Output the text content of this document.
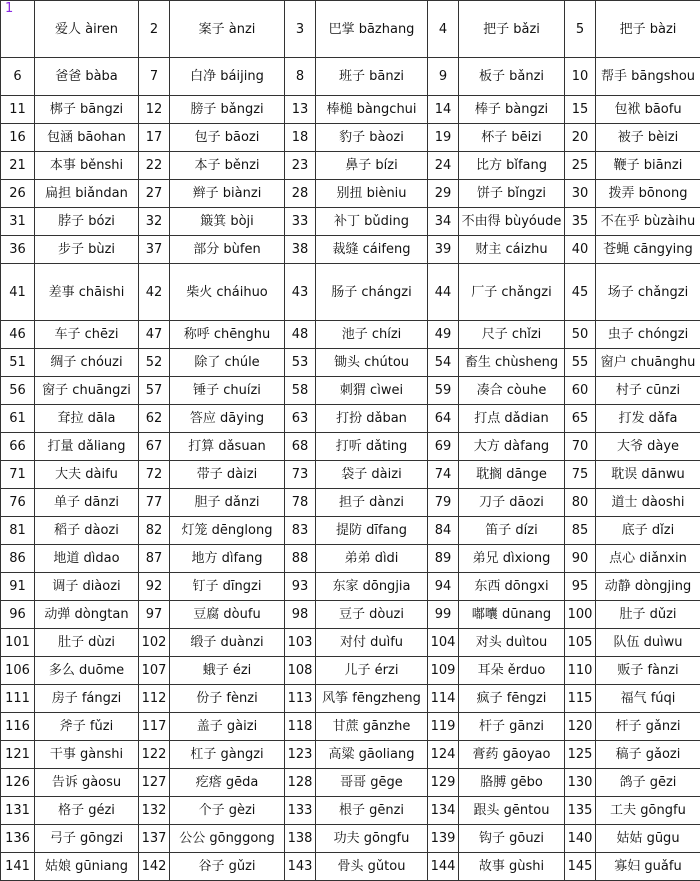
1	爱人 àiren	2	案子 ànzi	3	巴掌 bāzhang	4	把子 bǎzi	5	把子 bàzi
6	爸爸 bàba	7	白净 báijing	8	班子 bānzi	9	板子 bǎnzi	10	帮手 bāngshou
11	梆子 bāngzi	12	膀子 bǎngzi	13	棒槌 bàngchui	14	棒子 bàngzi	15	包袱 bāofu
16	包涵 bāohan	17	包子 bāozi	18	豹子 bàozi	19	杯子 bēizi	20	被子 bèizi
21	本事 běnshi	22	本子 běnzi	23	鼻子 bízi	24	比方 bǐfang	25	鞭子 biānzi
26	扁担 biǎndan	27	辫子 biànzi	28	别扭 bièniu	29	饼子 bǐngzi	30	拨弄 bōnong
31	脖子 bózi	32	簸箕 bòji	33	补丁 bǔding	34	不由得 bùyóude	35	不在乎 bùzàihu
36	步子 bùzi	37	部分 bùfen	38	裁缝 cáifeng	39	财主 cáizhu	40	苍蝇 cāngying
41	差事 chāishi	42	柴火 cháihuo	43	肠子 chángzi	44	厂子 chǎngzi	45	场子 chǎngzi
46	车子 chēzi	47	称呼 chēnghu	48	池子 chízi	49	尺子 chǐzi	50	虫子 chóngzi
51	绸子 chóuzi	52	除了 chúle	53	锄头 chútou	54	畜生 chùsheng	55	窗户 chuānghu
56	窗子 chuāngzi	57	锤子 chuízi	58	刺猬 cìwei	59	凑合 còuhe	60	村子 cūnzi
61	耷拉 dāla	62	答应 dāying	63	打扮 dǎban	64	打点 dǎdian	65	打发 dǎfa
66	打量 dǎliang	67	打算 dǎsuan	68	打听 dǎting	69	大方 dàfang	70	大爷 dàye
71	大夫 dàifu	72	带子 dàizi	73	袋子 dàizi	74	耽搁 dānge	75	耽误 dānwu
76	单子 dānzi	77	胆子 dǎnzi	78	担子 dànzi	79	刀子 dāozi	80	道士 dàoshi
81	稻子 dàozi	82	灯笼 dēnglong	83	提防 dīfang	84	笛子 dízi	85	底子 dǐzi
86	地道 dìdao	87	地方 dìfang	88	弟弟 dìdi	89	弟兄 dìxiong	90	点心 diǎnxin
91	调子 diàozi	92	钉子 dīngzi	93	东家 dōngjia	94	东西 dōngxi	95	动静 dòngjing
96	动弹 dòngtan	97	豆腐 dòufu	98	豆子 dòuzi	99	嘟囔 dūnang	100	肚子 dǔzi
101	肚子 dùzi	102	缎子 duànzi	103	对付 duìfu	104	对头 duìtou	105	队伍 duìwu
106	多么 duōme	107	蛾子 ézi	108	儿子 érzi	109	耳朵 ěrduo	110	贩子 fànzi
111	房子 fángzi	112	份子 fènzi	113	风筝 fēngzheng	114	疯子 fēngzi	115	福气 fúqi
116	斧子 fǔzi	117	盖子 gàizi	118	甘蔗 gānzhe	119	杆子 gānzi	120	杆子 gǎnzi
121	干事 gànshi	122	杠子 gàngzi	123	高粱 gāoliang	124	膏药 gāoyao	125	稿子 gǎozi
126	告诉 gàosu	127	疙瘩 gēda	128	哥哥 gēge	129	胳膊 gēbo	130	鸽子 gēzi
131	格子 gézi	132	个子 gèzi	133	根子 gēnzi	134	跟头 gēntou	135	工夫 gōngfu
136	弓子 gōngzi	137	公公 gōnggong	138	功夫 gōngfu	139	钩子 gōuzi	140	姑姑 gūgu
141	姑娘 gūniang	142	谷子 gǔzi	143	骨头 gǔtou	144	故事 gùshi	145	寡妇 guǎfu
